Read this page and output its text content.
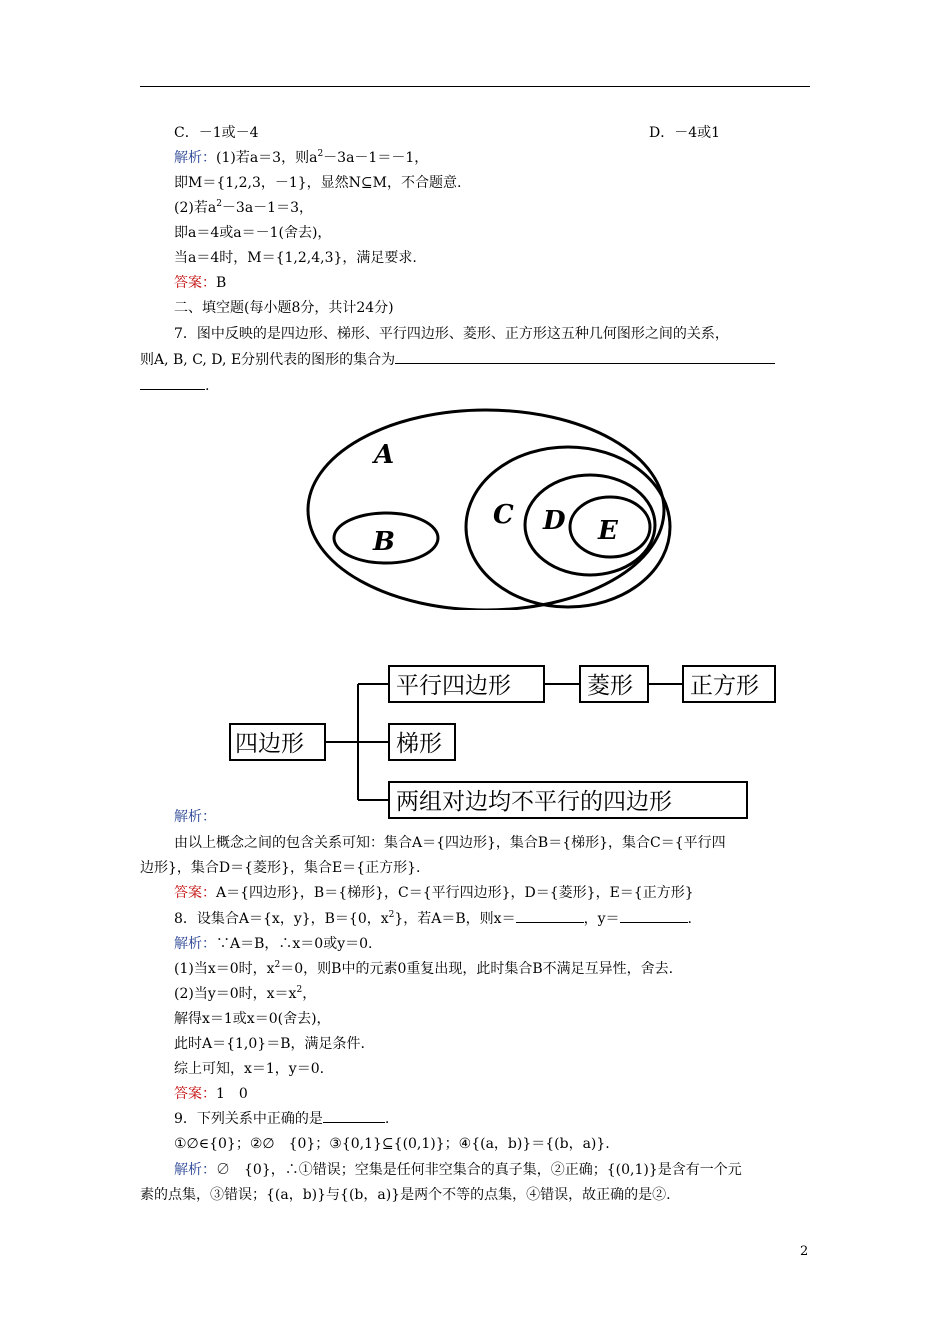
C．－1或－4	D．－4或1
解析：(1)若a＝3，则$a^2-3a-1=-1$，
即M＝{1,2,3，－1}，显然N⊆M，不合题意.
(2)若$a^2-3a-1=3$，
即a＝4或a＝－1(舍去)，
当a＝4时，M＝{1,2,4,3}，满足要求.
答案：B
二、填空题(每小题8分，共计24分)
7．图中反映的是四边形、梯形、平行四边形、菱形、正方形这五种几何图形之间的关系，
则A, B, C, D, E分别代表的图形的集合为
.
A
B
C D E
四边形
平行四边形	菱形 正方形
梯形
两组对边均不平行的四边形
解析：
由以上概念之间的包含关系可知：集合A＝{四边形}，集合B＝{梯形}，集合C＝{平行四
边形}，集合D＝{菱形}，集合E＝{正方形}.
答案：A＝{四边形}，B＝{梯形}，C＝{平行四边形}，D＝{菱形}，E＝{正方形}
8．设集合A＝{x，y}，B＝{0，$x^2$}，若A＝B，则x＝	，y＝	.
解析：∵A＝B，∴x＝0或y＝0.
(1)当x＝0时，$x^2=0$，则B中的元素0重复出现，此时集合B不满足互异性，舍去.
(2)当y＝0时，$x=x^2$，
解得x＝1或x＝0(舍去)，
此时A＝{1,0}＝B，满足条件.
综上可知，x＝1，y＝0.
答案：1　0
9．下列关系中正确的是	.
①∅∈{0}；②∅　{0}；③{0,1}⊆{(0,1)}；④{(a，b)}＝{(b，a)}.
解析：∅　{0}，∴①错误；空集是任何非空集合的真子集，②正确；{(0,1)}是含有一个元
素的点集，③错误；{(a，b)}与{(b，a)}是两个不等的点集，④错误，故正确的是②.
2
